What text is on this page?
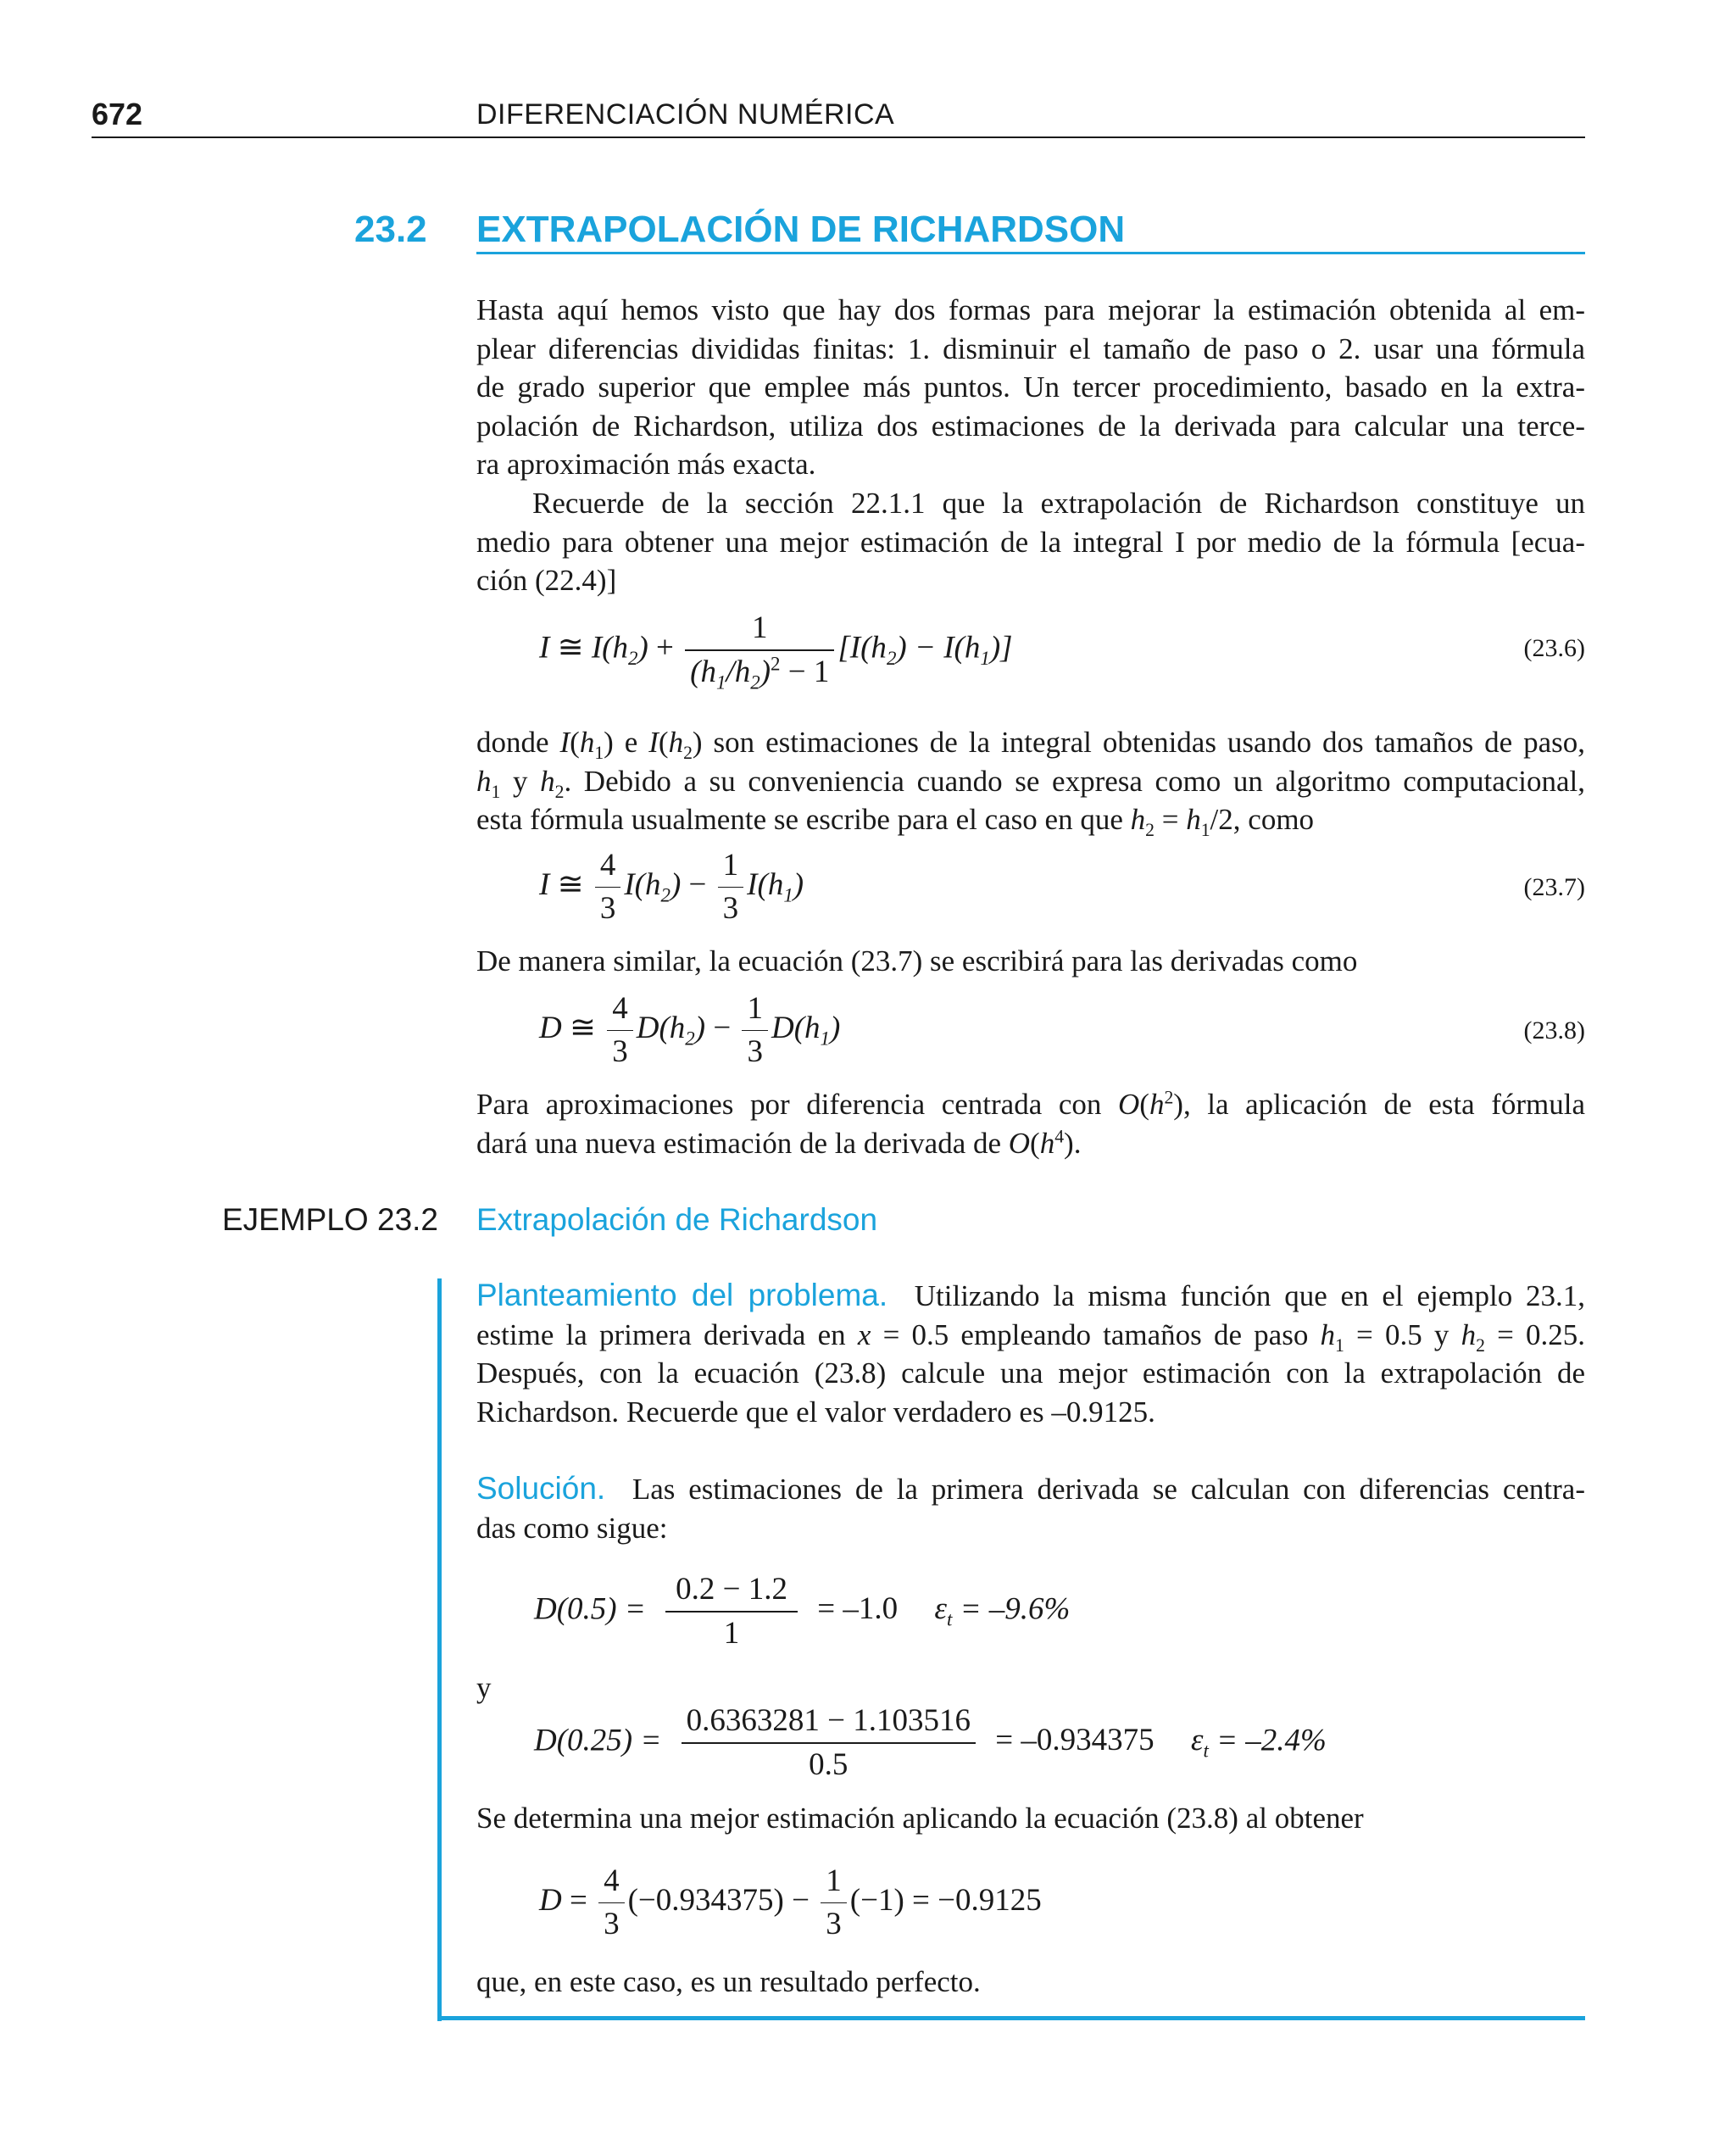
672	DIFERENCIACIÓN NUMÉRICA
23.2 EXTRAPOLACIÓN DE RICHARDSON
Hasta aquí hemos visto que hay dos formas para mejorar la estimación obtenida al em-
plear diferencias divididas finitas: 1. disminuir el tamaño de paso o 2. usar una fórmula
de grado superior que emplee más puntos. Un tercer procedimiento, basado en la extra-
polación de Richardson, utiliza dos estimaciones de la derivada para calcular una terce-
ra aproximación más exacta.
Recuerde de la sección 22.1.1 que la extrapolación de Richardson constituye un
medio para obtener una mejor estimación de la integral I por medio de la fórmula [ecua-
ción (22.4)]
I ≅ $I(h_2) + \frac{1}{(h_1/h_2)^2 - 1} [I(h_2) - I(h_1)]$	(23.6)
donde $I(h_1)$ e $I(h_2)$ son estimaciones de la integral obtenidas usando dos tamaños de paso,
$h_1$ y $h_2$. Debido a su conveniencia cuando se expresa como un algoritmo computacional,
esta fórmula usualmente se escribe para el caso en que $h_2 = h_1/2$, como
I ≅ $\frac{4}{3} I(h_2) - \frac{1}{3} I(h_1)$	(23.7)
De manera similar, la ecuación (23.7) se escribirá para las derivadas como
D ≅ $\frac{4}{3} D(h_2) - \frac{1}{3} D(h_1)$	(23.8)
Para aproximaciones por diferencia centrada con $O(h^2)$, la aplicación de esta fórmula
dará una nueva estimación de la derivada de $O(h^4)$.
EJEMPLO 23.2 Extrapolación de Richardson
Planteamiento del problema. Utilizando la misma función que en el ejemplo 23.1,
estime la primera derivada en x = 0.5 empleando tamaños de paso $h_1 = 0.5$ y $h_2 = 0.25$.
Después, con la ecuación (23.8) calcule una mejor estimación con la extrapolación de
Richardson. Recuerde que el valor verdadero es –0.9125.
Solución. Las estimaciones de la primera derivada se calculan con diferencias centra-
das como sigue:
$D(0.5) = \frac{0.2 - 1.2}{1} = -1.0$ $\varepsilon_t = -9.6\%$
y
$D(0.25) = \frac{0.6363281 - 1.103516}{0.5} = -0.934375$ $\varepsilon_t = -2.4\%$
Se determina una mejor estimación aplicando la ecuación (23.8) al obtener
$D = \frac{4}{3} (-0.934375) - \frac{1}{3} (-1) = -0.9125$
que, en este caso, es un resultado perfecto.
